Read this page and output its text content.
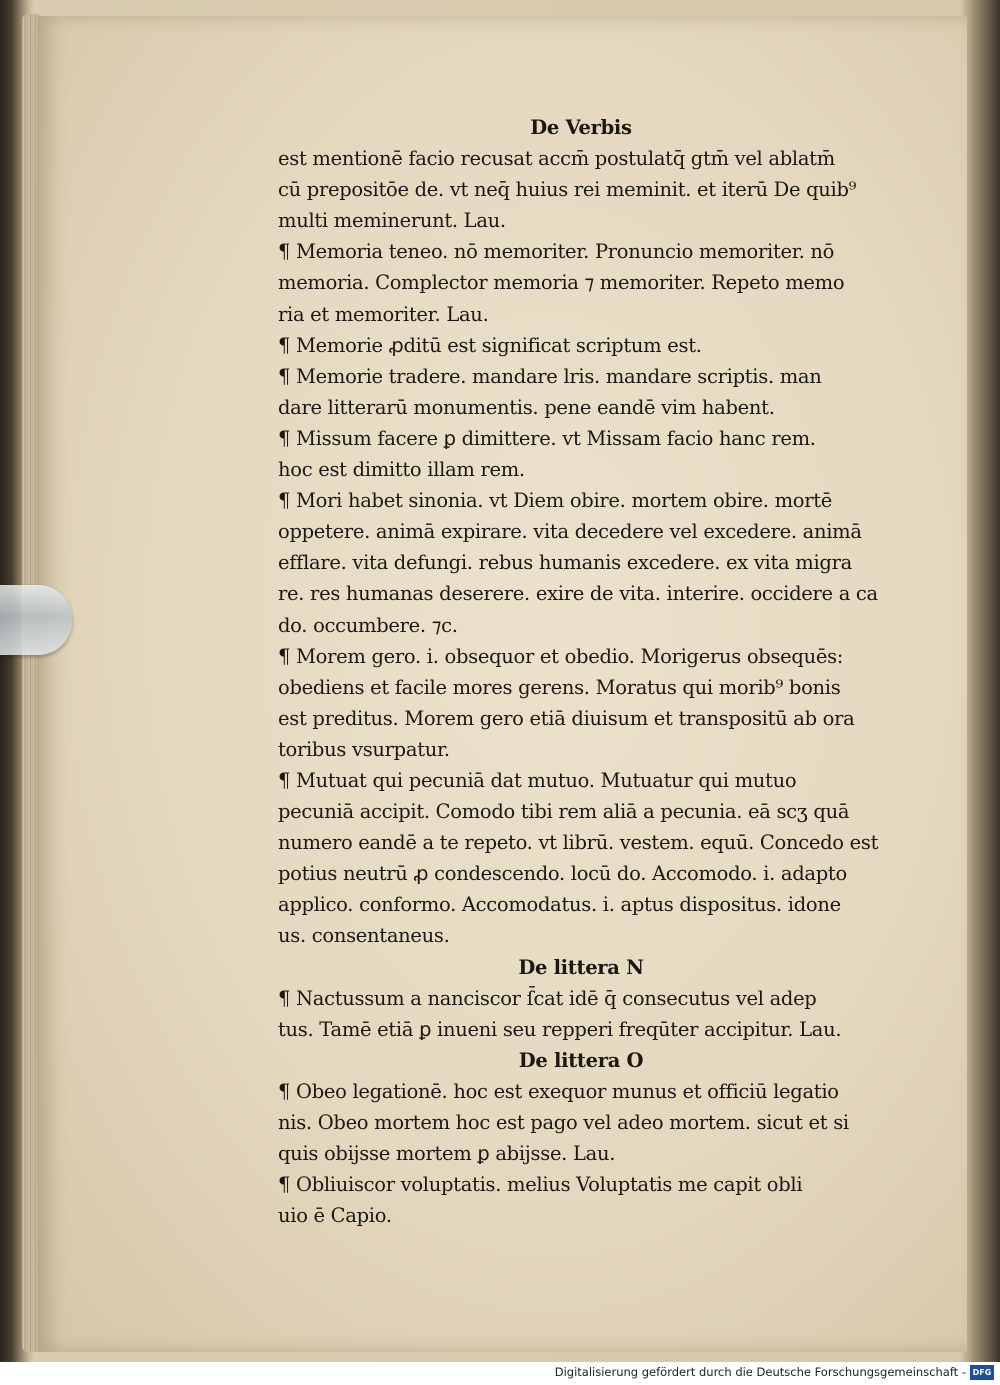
De Verbis
est mentionē facio recusat accm̄ postulatq̄ gtm̄ vel ablatm̄
cū prepositōe de. vt neq̄ huius rei meminit. et iterū De quib⁹
multi meminerunt. Lau.
¶ Memoria teneo. nō memoriter. Pronuncio memoriter. nō
memoria. Complector memoria ⁊ memoriter. Repeto memo
ria et memoriter. Lau.
¶ Memorie ꝓditū est significat scriptum est.
¶ Memorie tradere. mandare lris. mandare scriptis. man
dare litterarū monumentis. pene eandē vim habent.
¶ Missum facere ꝑ dimittere. vt Missam facio hanc rem.
hoc est dimitto illam rem.
¶ Mori habet sinonia. vt Diem obire. mortem obire. mortē
oppetere. animā expirare. vita decedere vel excedere. animā
efflare. vita defungi. rebus humanis excedere. ex vita migra
re. res humanas deserere. exire de vita. interire. occidere a ca
do. occumbere. ⁊c.
¶ Morem gero. i. obsequor et obedio. Morigerus obsequēs:
obediens et facile mores gerens. Moratus qui morib⁹ bonis
est preditus. Morem gero etiā diuisum et transpositū ab ora
toribus vsurpatur.
¶ Mutuat qui pecuniā dat mutuo. Mutuatur qui mutuo
pecuniā accipit. Comodo tibi rem aliā a pecunia. eā scʒ quā
numero eandē a te repeto. vt librū. vestem. equū. Concedo est
potius neutrū ꝓ condescendo. locū do. Accomodo. i. adapto
applico. conformo. Accomodatus. i. aptus dispositus. idone
us. consentaneus.
De littera N
¶ Nactussum a nanciscor ſ̄cat idē q̄ consecutus vel adep
tus. Tamē etiā ꝑ inueni seu repperi freqūter accipitur. Lau.
De littera O
¶ Obeo legationē. hoc est exequor munus et officiū legatio
nis. Obeo mortem hoc est pago vel adeo mortem. sicut et si
quis obijsse mortem ꝑ abijsse. Lau.
¶ Obliuiscor voluptatis. melius Voluptatis me capit obli
uio ē Capio.
Digitalisierung gefördert durch die Deutsche Forschungsgemeinschaft - DFG
